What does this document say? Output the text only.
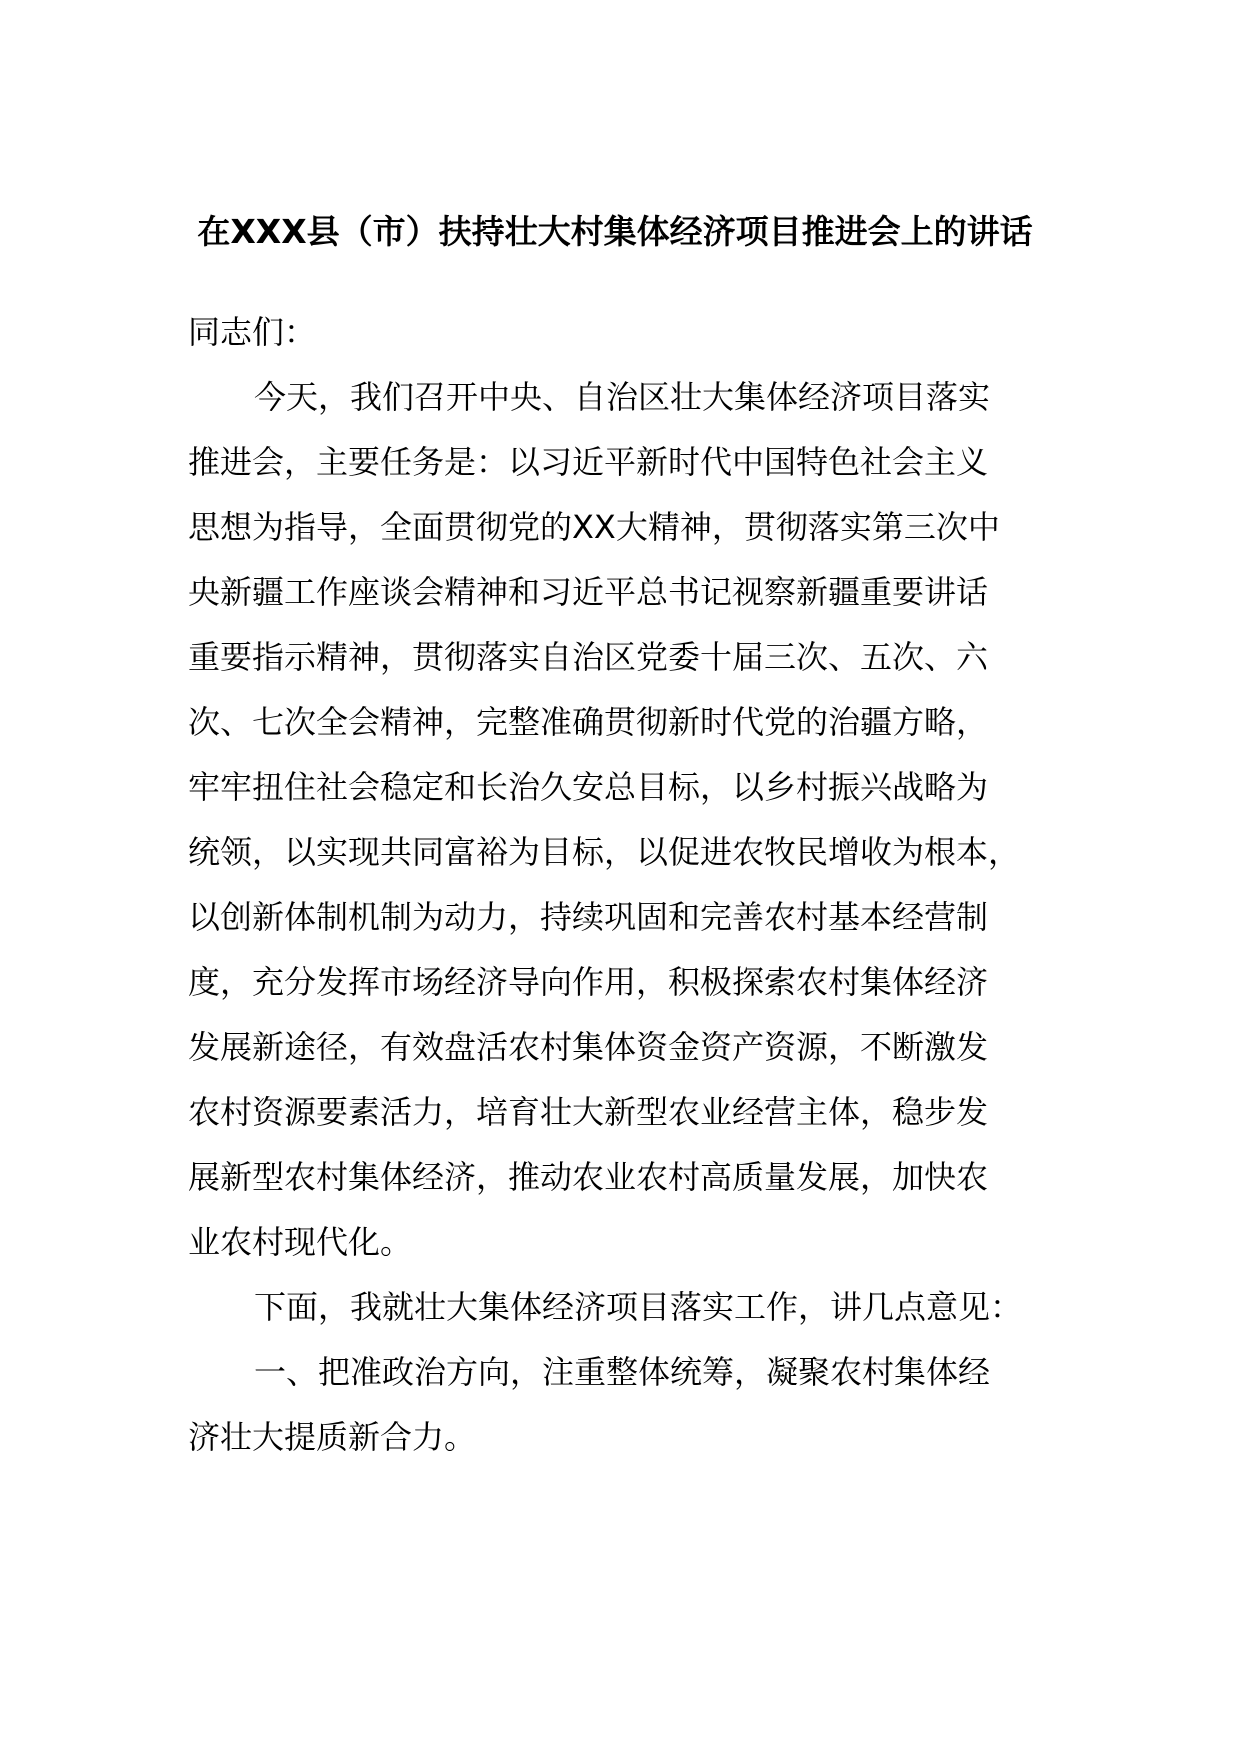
在XXX县（市）扶持壮大村集体经济项目推进会上的讲话

同志们：

今天，我们召开中央、自治区壮大集体经济项目落实

推进会，主要任务是：以习近平新时代中国特色社会主义

思想为指导，全面贯彻党的XX大精神，贯彻落实第三次中

央新疆工作座谈会精神和习近平总书记视察新疆重要讲话

重要指示精神，贯彻落实自治区党委十届三次、五次、六

次、七次全会精神，完整准确贯彻新时代党的治疆方略，

牢牢扭住社会稳定和长治久安总目标，以乡村振兴战略为

统领，以实现共同富裕为目标，以促进农牧民增收为根本，

以创新体制机制为动力，持续巩固和完善农村基本经营制

度，充分发挥市场经济导向作用，积极探索农村集体经济

发展新途径，有效盘活农村集体资金资产资源，不断激发

农村资源要素活力，培育壮大新型农业经营主体，稳步发

展新型农村集体经济，推动农业农村高质量发展，加快农

业农村现代化。

下面，我就壮大集体经济项目落实工作，讲几点意见：

一、把准政治方向，注重整体统筹，凝聚农村集体经

济壮大提质新合力。
